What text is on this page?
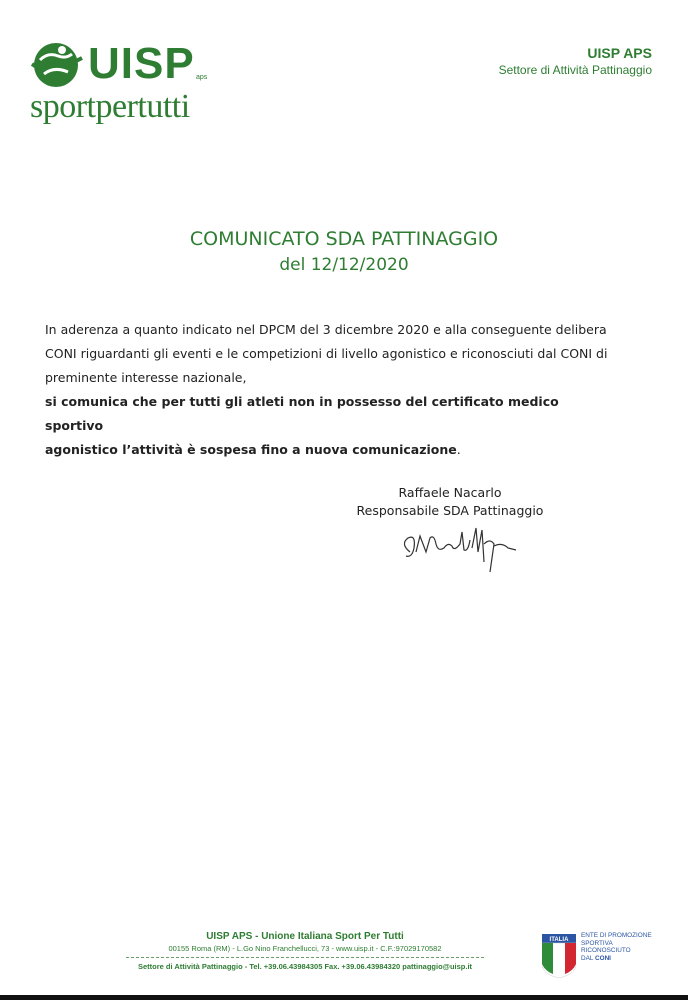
UISP aps
sportpertutti
UISP APS
Settore di Attività Pattinaggio
COMUNICATO SDA PATTINAGGIO
del 12/12/2020
In aderenza a quanto indicato nel DPCM del 3 dicembre 2020 e alla conseguente delibera
CONI riguardanti gli eventi e le competizioni di livello agonistico e riconosciuti dal CONI di
preminente interesse nazionale,
si comunica che per tutti gli atleti non in possesso del certificato medico sportivo
agonistico l’attività è sospesa fino a nuova comunicazione.
Raffaele Nacarlo
Responsabile SDA Pattinaggio
UISP APS - Unione Italiana Sport Per Tutti
00155 Roma (RM) - L.Go Nino Franchellucci, 73 - www.uisp.it - C.F.:97029170582
Settore di Attività Pattinaggio - Tel. +39.06.43984305 Fax. +39.06.43984320 pattinaggio@uisp.it
ITALIA
ENTE DI PROMOZIONE
SPORTIVA
RICONOSCIUTO
DAL CONI
